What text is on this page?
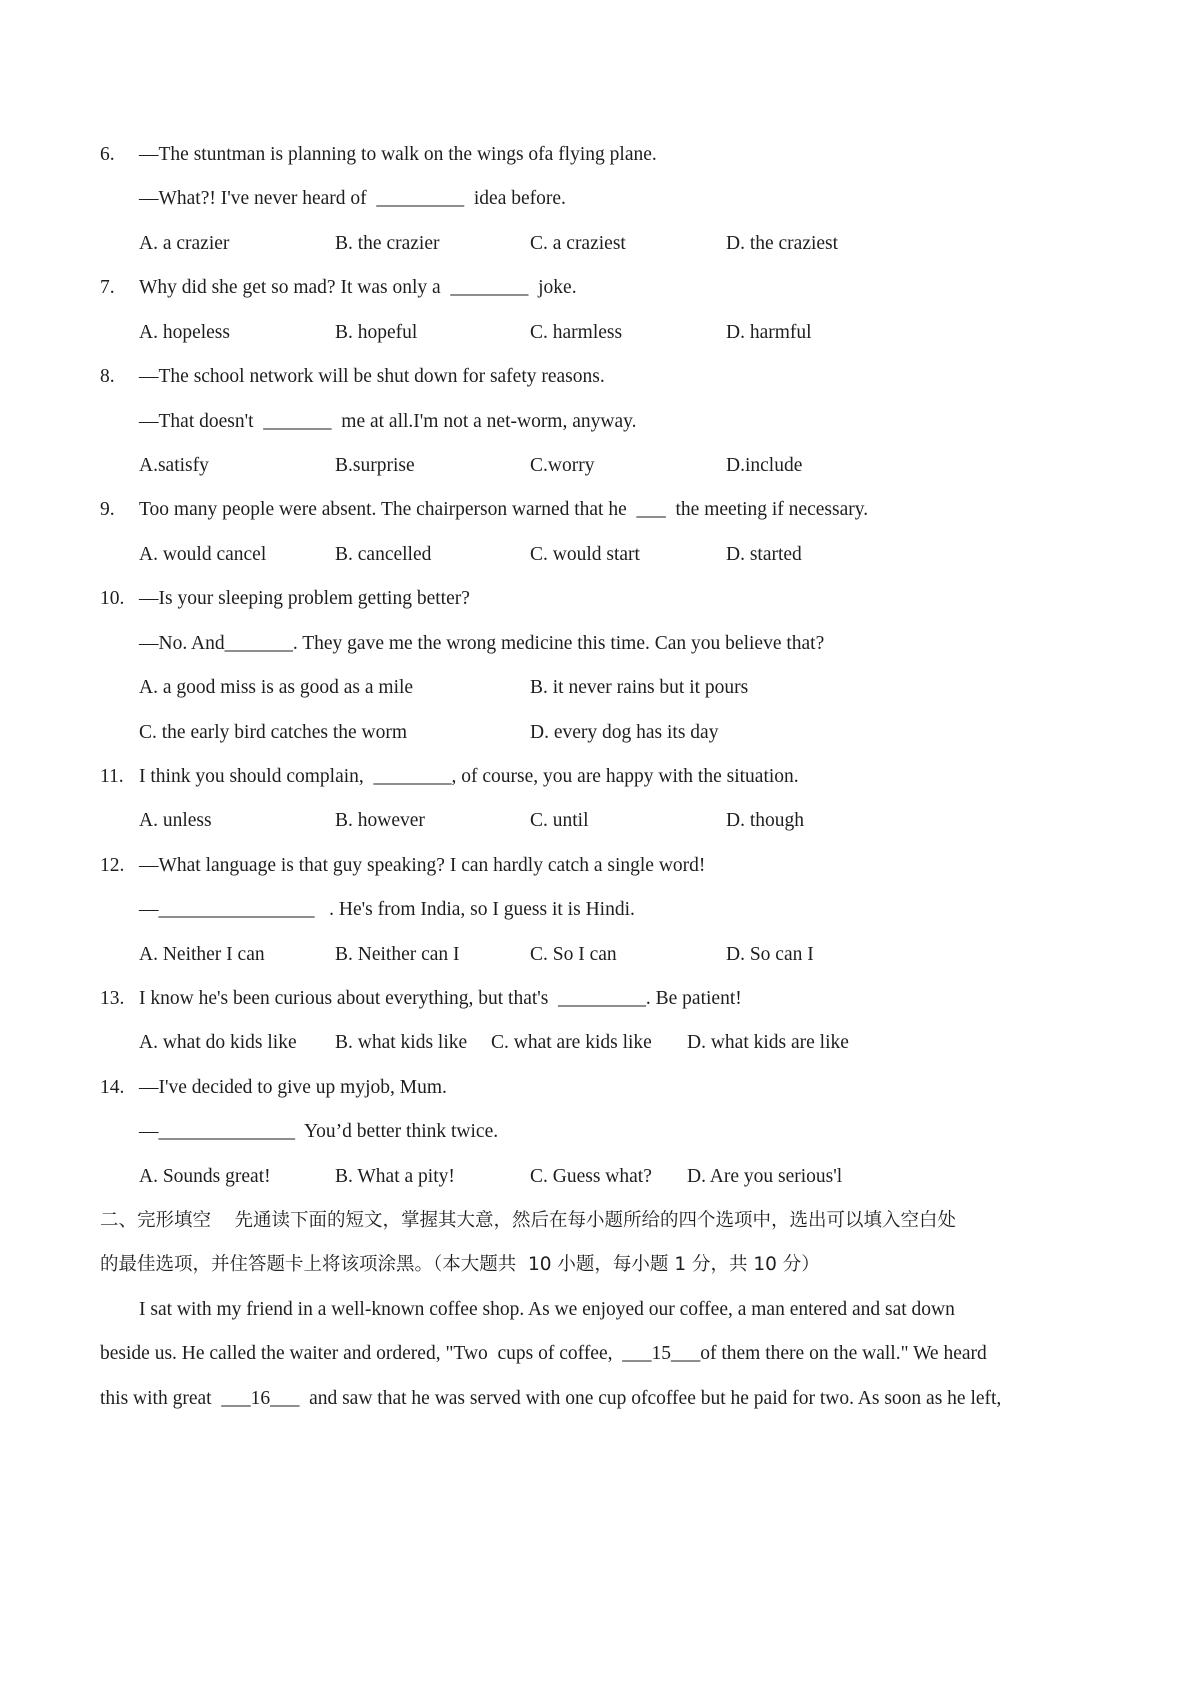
6. —The stuntman is planning to walk on the wings ofa flying plane.
—What?! I've never heard of  _________  idea before.
A. a crazier	B. the crazier	C. a craziest	D. the craziest
7. Why did she get so mad? It was only a  ________  joke.
A. hopeless	B. hopeful	C. harmless	D. harmful
8. —The school network will be shut down for safety reasons.
—That doesn't  _______  me at all.I'm not a net-worm, anyway.
A.satisfy	B.surprise	C.worry	D.include
9. Too many people were absent. The chairperson warned that he  ___  the meeting if necessary.
A. would cancel	B. cancelled	C. would start	D. started
10. —Is your sleeping problem getting better?
—No. And_______. They gave me the wrong medicine this time. Can you believe that?
A. a good miss is as good as a mile	B. it never rains but it pours
C. the early bird catches the worm	D. every dog has its day
11. I think you should complain,  ________, of course, you are happy with the situation.
A. unless	B. however	C. until	D. though
12. —What language is that guy speaking? I can hardly catch a single word!
—________________   . He's from India, so I guess it is Hindi.
A. Neither I can	B. Neither can I	C. So I can	D. So can I
13. I know he's been curious about everything, but that's  _________. Be patient!
A. what do kids like B. what kids like C. what are kids like D. what kids are like
14. —I've decided to give up myjob, Mum.
—______________  You’d better think twice.
A. Sounds great!	B. What a pity!	C. Guess what? D. Are you serious'l
二、完形填空    先通读下面的短文，掌握其大意，然后在每小题所给的四个选项中，选出可以填入空白处
的最佳选项，并住答题卡上将该项涂黑。（本大题共  10 小题，每小题 1 分，共 10 分）
I sat with my friend in a well-known coffee shop. As we enjoyed our coffee, a man entered and sat down
beside us. He called the waiter and ordered, "Two  cups of coffee,  ___15___of them there on the wall." We heard
this with great  ___16___  and saw that he was served with one cup ofcoffee but he paid for two. As soon as he left,
